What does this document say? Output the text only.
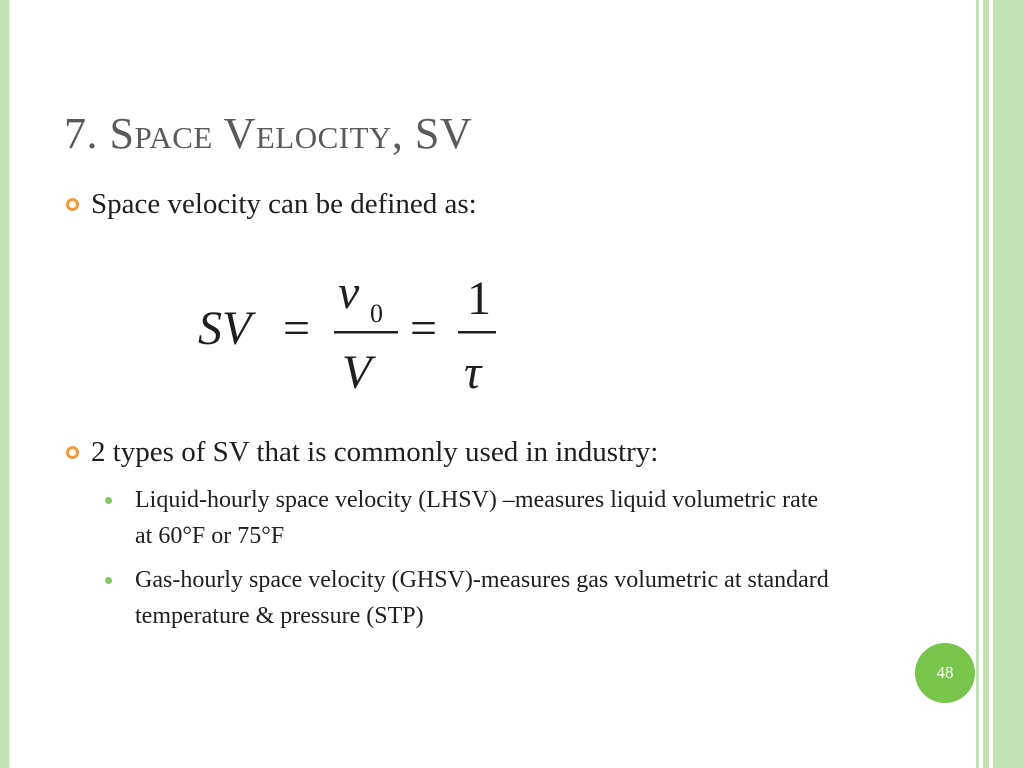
7. Space Velocity, SV
Space velocity can be defined as:
SV =
ν 0
V
=
1
τ
2 types of SV that is commonly used in industry:
Liquid-hourly space velocity (LHSV) –measures liquid volumetric rate at 60°F or 75°F
Gas-hourly space velocity (GHSV)-measures gas volumetric at standard temperature & pressure (STP)
48
